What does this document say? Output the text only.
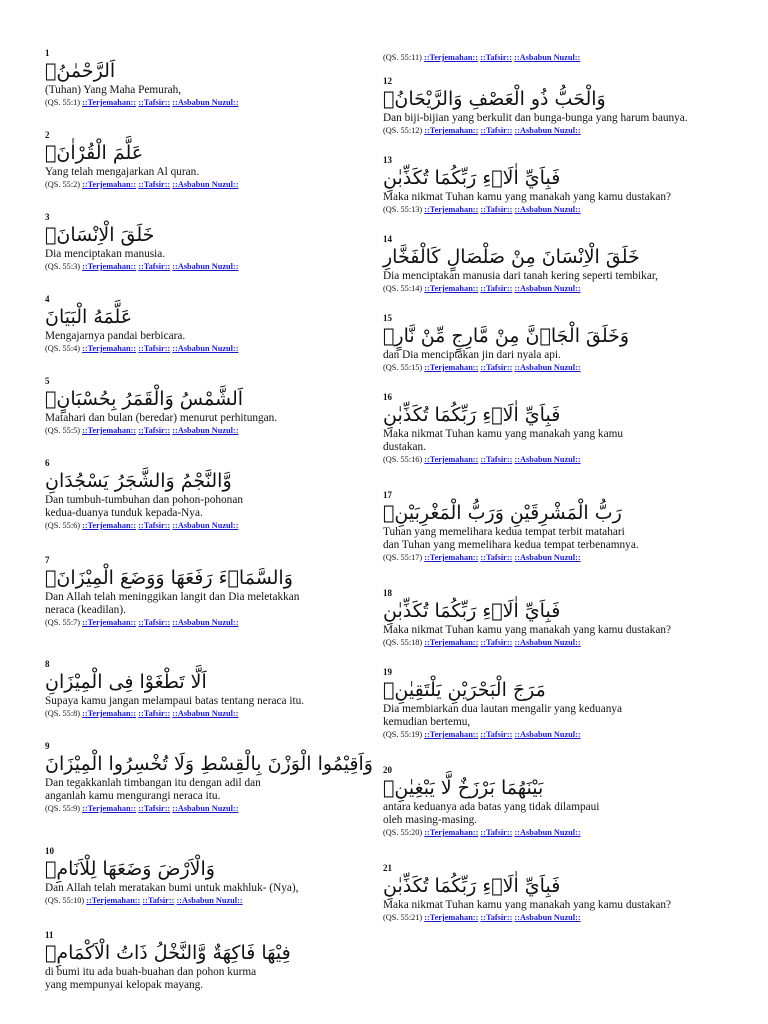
(QS. 55:11) ::Terjemahan:: ::Tafsir:: ::Asbabun Nuzul::
1
اَلرَّحْمٰنُۙ
(Tuhan) Yang Maha Pemurah,
(QS. 55:1) ::Terjemahan:: ::Tafsir:: ::Asbabun Nuzul::
2
عَلَّمَ الْقُرْاٰنَۗ
Yang telah mengajarkan Al quran.
(QS. 55:2) ::Terjemahan:: ::Tafsir:: ::Asbabun Nuzul::
3
خَلَقَ الْاِنْسَانَۙ
Dia menciptakan manusia.
(QS. 55:3) ::Terjemahan:: ::Tafsir:: ::Asbabun Nuzul::
4
عَلَّمَهُ الْبَيَانَ
Mengajarnya pandai berbicara.
(QS. 55:4) ::Terjemahan:: ::Tafsir:: ::Asbabun Nuzul::
5
اَلشَّمْسُ وَالْقَمَرُ بِحُسْبَانٍۙ
Matahari dan bulan (beredar) menurut perhitungan.
(QS. 55:5) ::Terjemahan:: ::Tafsir:: ::Asbabun Nuzul::
6
وَّالنَّجْمُ وَالشَّجَرُ يَسْجُدَانِ
Dan tumbuh-tumbuhan dan pohon-pohonan
kedua-duanya tunduk kepada-Nya.
(QS. 55:6) ::Terjemahan:: ::Tafsir:: ::Asbabun Nuzul::
7
وَالسَّمَاۤءَ رَفَعَهَا وَوَضَعَ الْمِيْزَانَۙ
Dan Allah telah meninggikan langit dan Dia meletakkan
neraca (keadilan).
(QS. 55:7) ::Terjemahan:: ::Tafsir:: ::Asbabun Nuzul::
8
اَلَّا تَطْغَوْا فِى الْمِيْزَانِ
Supaya kamu jangan melampaui batas tentang neraca itu.
(QS. 55:8) ::Terjemahan:: ::Tafsir:: ::Asbabun Nuzul::
9
وَاَقِيْمُوا الْوَزْنَ بِالْقِسْطِ وَلَا تُخْسِرُوا الْمِيْزَانَ
Dan tegakkanlah timbangan itu dengan adil dan
anganlah kamu mengurangi neraca itu.
(QS. 55:9) ::Terjemahan:: ::Tafsir:: ::Asbabun Nuzul::
10
وَالْاَرْضَ وَضَعَهَا لِلْاَنَامِۙ
Dan Allah telah meratakan bumi untuk makhluk- (Nya),
(QS. 55:10) ::Terjemahan:: ::Tafsir:: ::Asbabun Nuzul::
11
فِيْهَا فَاكِهَةٌ وَّالنَّخْلُ ذَاتُ الْاَكْمَامِۖ
di bumi itu ada buah-buahan dan pohon kurma
yang mempunyai kelopak mayang.
12
وَالْحَبُّ ذُو الْعَصْفِ وَالرَّيْحَانُۚ
Dan biji-bijian yang berkulit dan bunga-bunga yang harum baunya.
(QS. 55:12) ::Terjemahan:: ::Tafsir:: ::Asbabun Nuzul::
13
فَبِاَيِّ اٰلَاۤءِ رَبِّكُمَا تُكَذِّبٰنِ
Maka nikmat Tuhan kamu yang manakah yang kamu dustakan?
(QS. 55:13) ::Terjemahan:: ::Tafsir:: ::Asbabun Nuzul::
14
خَلَقَ الْاِنْسَانَ مِنْ صَلْصَالٍ كَالْفَخَّارِ
Dia menciptakan manusia dari tanah kering seperti tembikar,
(QS. 55:14) ::Terjemahan:: ::Tafsir:: ::Asbabun Nuzul::
15
وَخَلَقَ الْجَاۤنَّ مِنْ مَّارِجٍ مِّنْ نَّارٍۚ
dan Dia menciptakan jin dari nyala api.
(QS. 55:15) ::Terjemahan:: ::Tafsir:: ::Asbabun Nuzul::
16
فَبِاَيِّ اٰلَاۤءِ رَبِّكُمَا تُكَذِّبٰنِ
Maka nikmat Tuhan kamu yang manakah yang kamu
dustakan.
(QS. 55:16) ::Terjemahan:: ::Tafsir:: ::Asbabun Nuzul::
17
رَبُّ الْمَشْرِقَيْنِ وَرَبُّ الْمَغْرِبَيْنِۚ
Tuhan yang memelihara kedua tempat terbit matahari
dan Tuhan yang memelihara kedua tempat terbenamnya.
(QS. 55:17) ::Terjemahan:: ::Tafsir:: ::Asbabun Nuzul::
18
فَبِاَيِّ اٰلَاۤءِ رَبِّكُمَا تُكَذِّبٰنِ
Maka nikmat Tuhan kamu yang manakah yang kamu dustakan?
(QS. 55:18) ::Terjemahan:: ::Tafsir:: ::Asbabun Nuzul::
19
مَرَجَ الْبَحْرَيْنِ يَلْتَقِيٰنِۙ
Dia membiarkan dua lautan mengalir yang keduanya
kemudian bertemu,
(QS. 55:19) ::Terjemahan:: ::Tafsir:: ::Asbabun Nuzul::
20
بَيْنَهُمَا بَرْزَخٌ لَّا يَبْغِيٰنِۚ
antara keduanya ada batas yang tidak dilampaui
oleh masing-masing.
(QS. 55:20) ::Terjemahan:: ::Tafsir:: ::Asbabun Nuzul::
21
فَبِاَيِّ اٰلَاۤءِ رَبِّكُمَا تُكَذِّبٰنِ
Maka nikmat Tuhan kamu yang manakah yang kamu dustakan?
(QS. 55:21) ::Terjemahan:: ::Tafsir:: ::Asbabun Nuzul::
